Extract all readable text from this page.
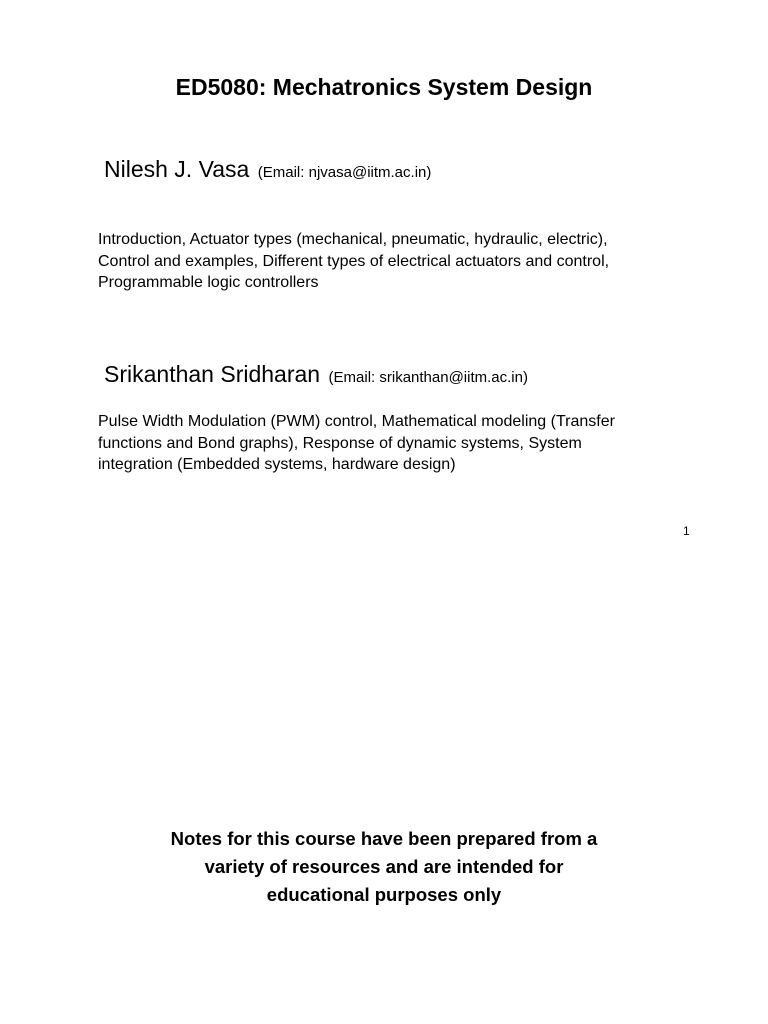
ED5080: Mechatronics System Design
Nilesh J. Vasa (Email: njvasa@iitm.ac.in)
Introduction, Actuator types (mechanical, pneumatic, hydraulic, electric),
Control and examples, Different types of electrical actuators and control,
Programmable logic controllers
Srikanthan Sridharan (Email: srikanthan@iitm.ac.in)
Pulse Width Modulation (PWM) control, Mathematical modeling (Transfer
functions and Bond graphs), Response of dynamic systems, System
integration (Embedded systems, hardware design)
1
Notes for this course have been prepared from a
variety of resources and are intended for
educational purposes only
